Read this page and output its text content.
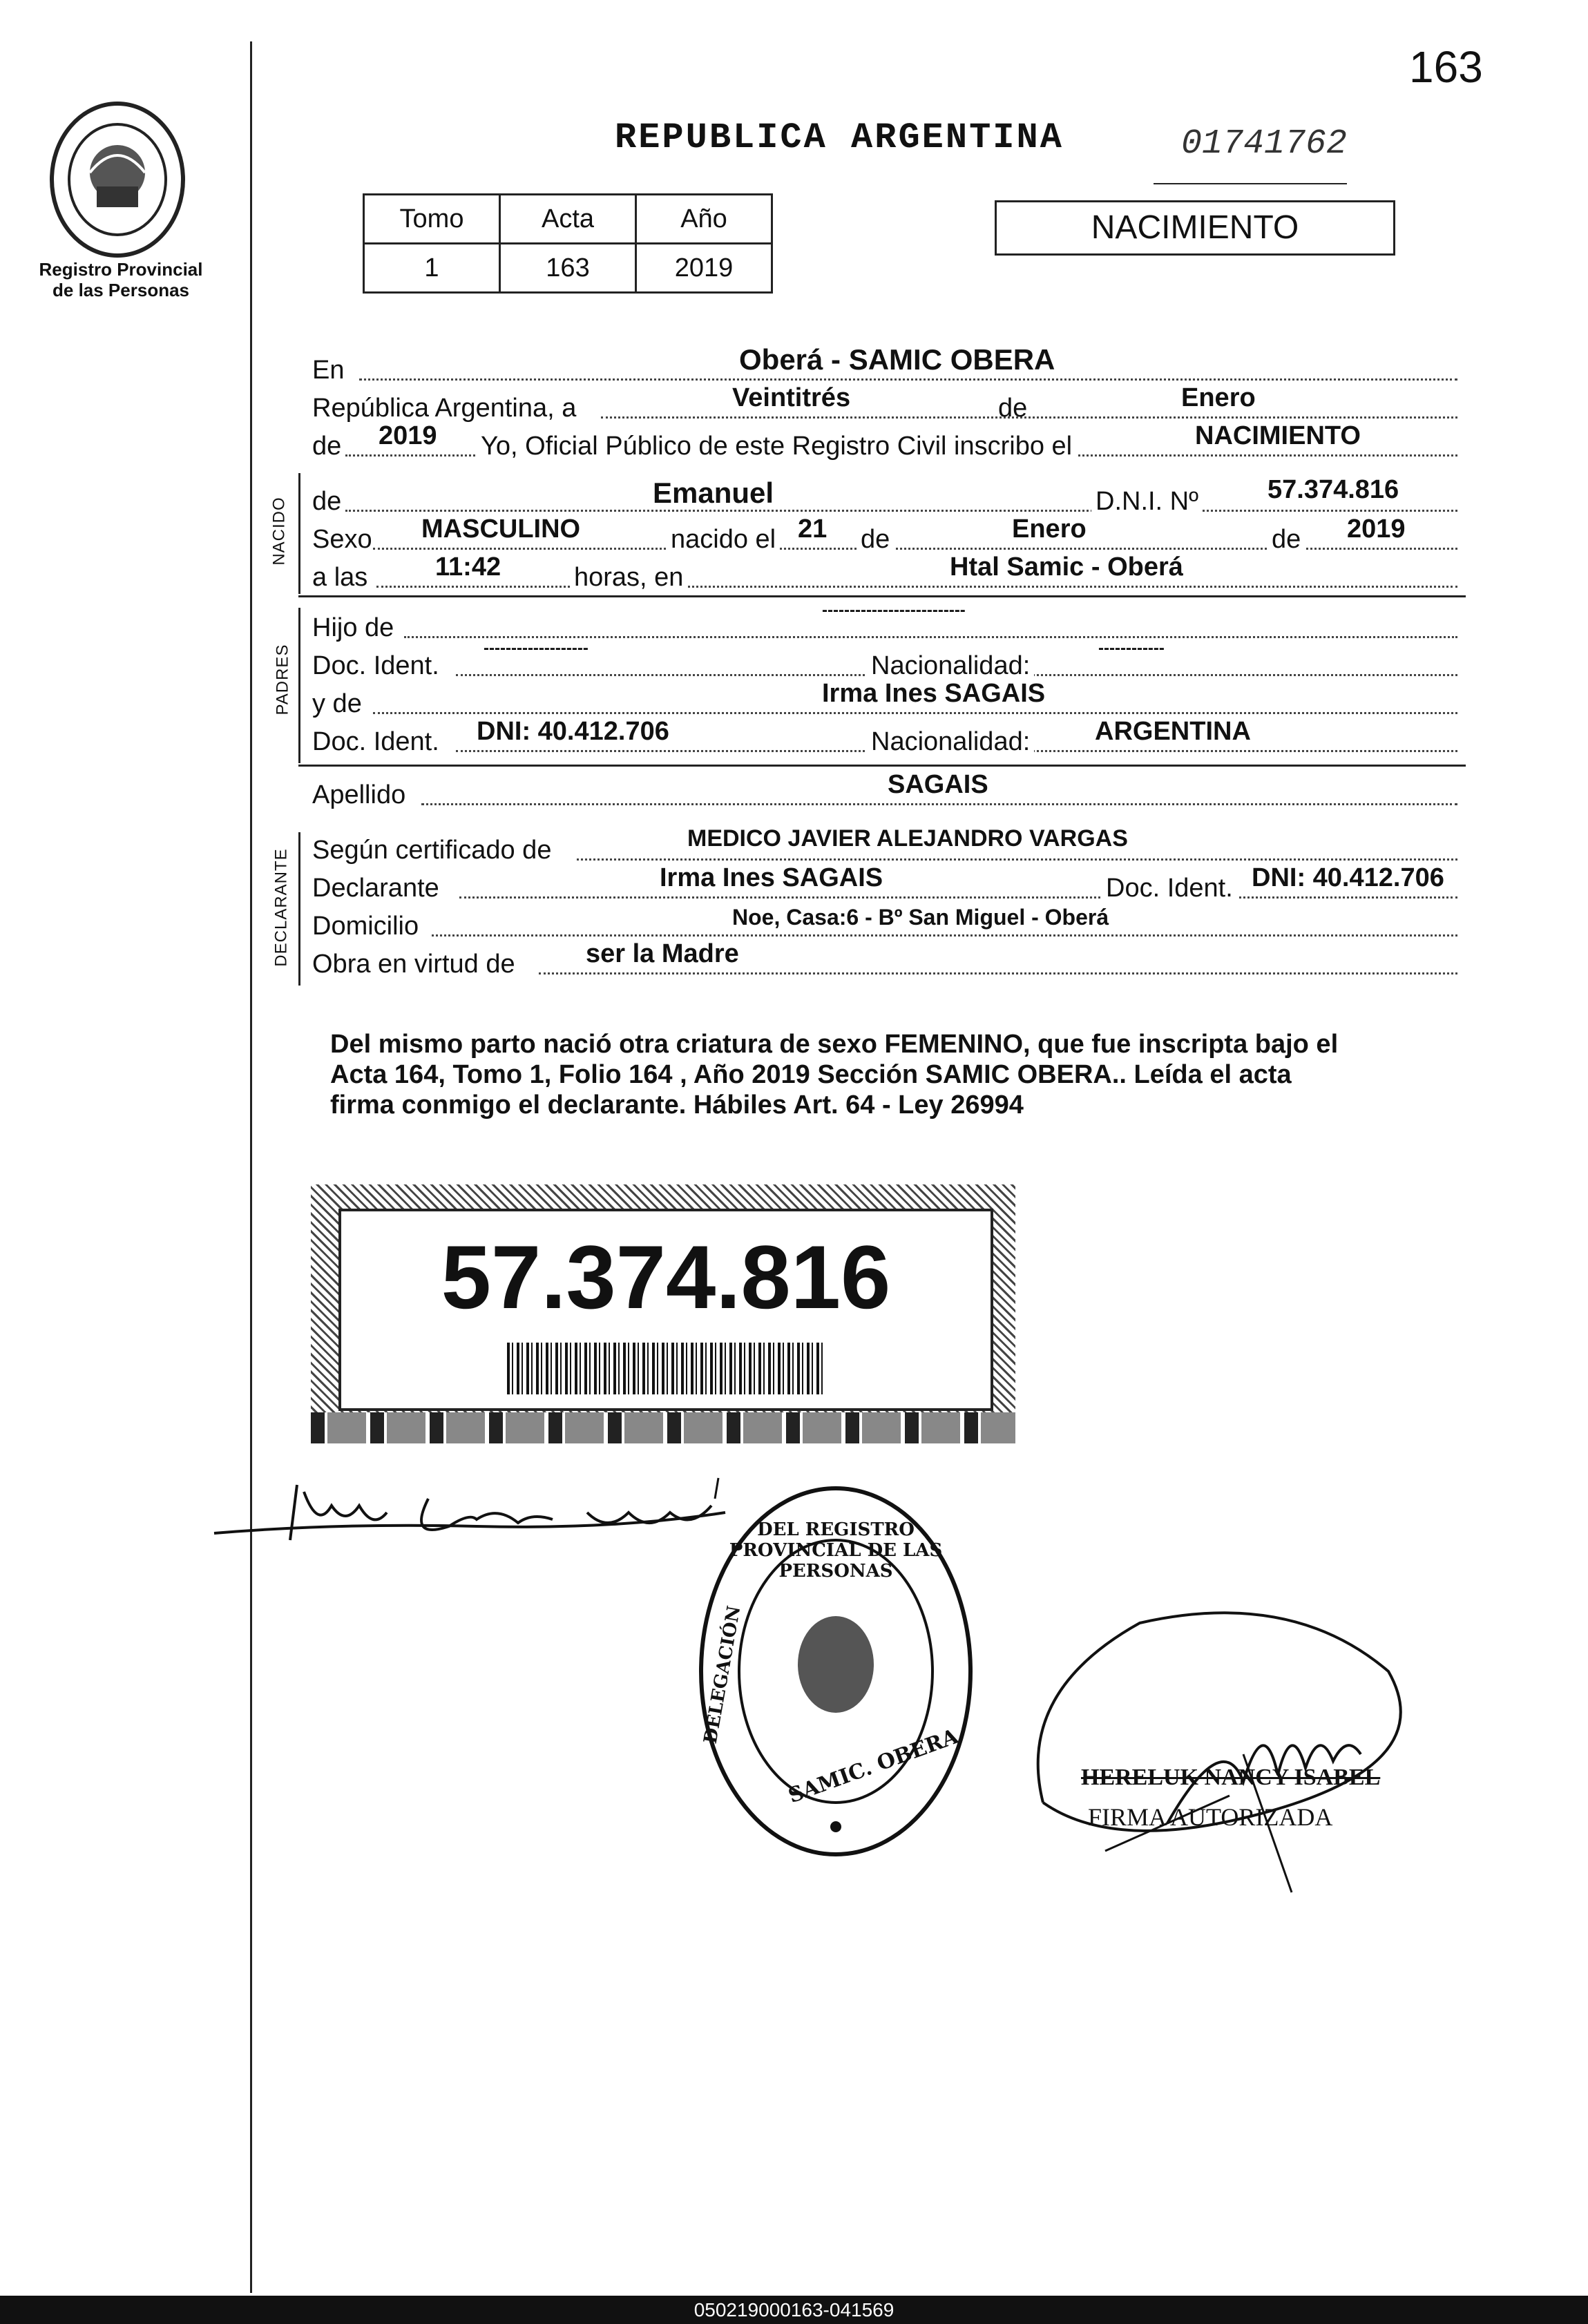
163
Registro Provincial
de las Personas
REPUBLICA ARGENTINA	01741762
Tomo	Acta	Año
1	163	2019
NACIMIENTO
En	Oberá - SAMIC OBERA
República Argentina, a	Veintitrés	de	Enero
de 2019 Yo, Oficial Público de este Registro Civil inscribo el	NACIMIENTO
NACIDO de	Emanuel	D.N.I. Nº	57.374.816
Sexo MASCULINO	nacido el 21 de	Enero	de 2019
a las	11:42	horas, en	Htal Samic - Oberá
PADRES
Hijo de
--------------------------
Doc. Ident.
-------------------
Nacionalidad:
------------
y de	Irma Ines SAGAIS
Doc. Ident. DNI: 40.412.706	Nacionalidad: ARGENTINA
Apellido	SAGAIS
DECLARANTE Según certificado de	MEDICO JAVIER ALEJANDRO VARGAS
Declarante	Irma Ines SAGAIS	Doc. Ident. DNI: 40.412.706
Domicilio	Noe, Casa:6 - Bº San Miguel - Oberá
Obra en virtud de	ser la Madre
Del mismo parto nació otra criatura de sexo FEMENINO, que fue inscripta bajo el
Acta 164, Tomo 1, Folio 164 , Año 2019 Sección SAMIC OBERA.. Leída el acta
firma conmigo el declarante. Hábiles Art. 64 - Ley 26994
57.374.816
DEL REGISTRO PROVINCIAL DE LAS PERSONAS
DELEGACIÓN
SAMIC. OBERA	HERELUK NANCY ISABEL
FIRMA AUTORIZADA
050219000163-041569
